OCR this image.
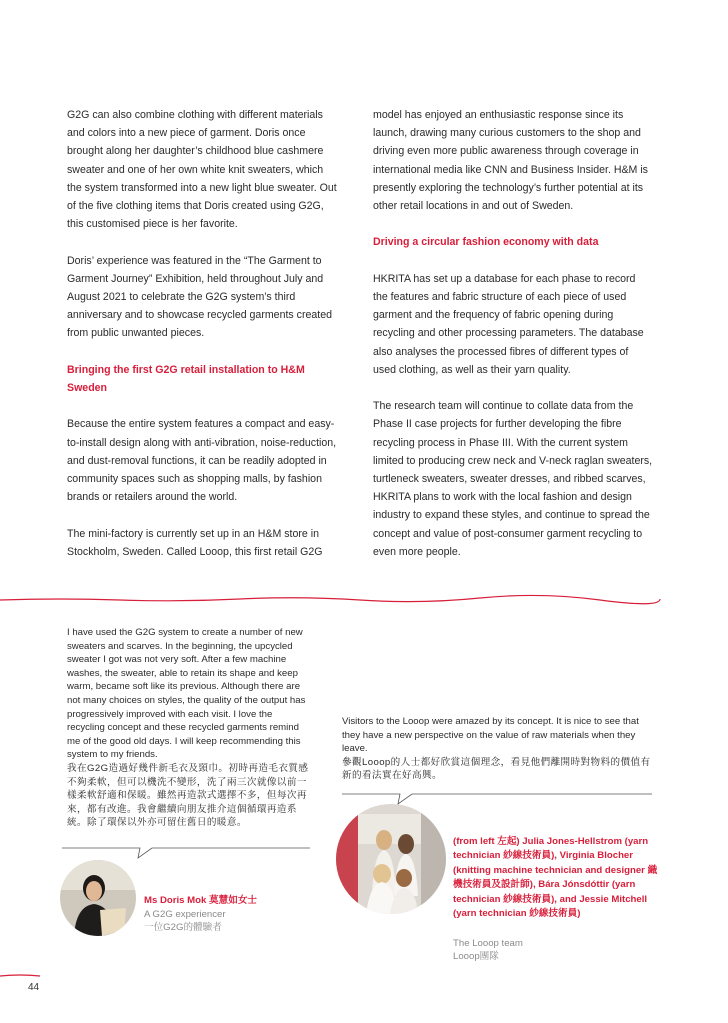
G2G can also combine clothing with different materials and colors into a new piece of garment. Doris once brought along her daughter’s childhood blue cashmere sweater and one of her own white knit sweaters, which the system transformed into a new light blue sweater. Out of the five clothing items that Doris created using G2G, this customised piece is her favorite.

Doris’ experience was featured in the “The Garment to Garment Journey” Exhibition, held throughout July and August 2021 to celebrate the G2G system’s third anniversary and to showcase recycled garments created from public unwanted pieces.

Bringing the first G2G retail installation to H&M Sweden

Because the entire system features a compact and easy-to-install design along with anti-vibration, noise-reduction, and dust-removal functions, it can be readily adopted in community spaces such as shopping malls, by fashion brands or retailers around the world.

The mini-factory is currently set up in an H&M store in Stockholm, Sweden. Called Looop, this first retail G2G

model has enjoyed an enthusiastic response since its launch, drawing many curious customers to the shop and driving even more public awareness through coverage in international media like CNN and Business Insider. H&M is presently exploring the technology’s further potential at its other retail locations in and out of Sweden.

Driving a circular fashion economy with data

HKRITA has set up a database for each phase to record the features and fabric structure of each piece of used garment and the frequency of fabric opening during recycling and other processing parameters. The database also analyses the processed fibres of different types of used clothing, as well as their yarn quality.

The research team will continue to collate data from the Phase II case projects for further developing the fibre recycling process in Phase III. With the current system limited to producing crew neck and V-neck raglan sweaters, turtleneck sweaters, sweater dresses, and ribbed scarves, HKRITA plans to work with the local fashion and design industry to expand these styles, and continue to spread the concept and value of post-consumer garment recycling to even more people.

I have used the G2G system to create a number of new sweaters and scarves. In the beginning, the upcycled sweater I got was not very soft. After a few machine washes, the sweater, able to retain its shape and keep warm, became soft like its previous. Although there are not many choices on styles, the quality of the output has progressively improved with each visit. I love the recycling concept and these recycled garments remind me of the good old days. I will keep recommending this system to my friends.

我在G2G造過好幾件新毛衣及頸巾。初時再造毛衣質感不夠柔軟，但可以機洗不變形，洗了兩三次就像以前一樣柔軟舒適和保暖。雖然再造款式選擇不多，但每次再來，都有改進。我會繼續向朋友推介這個循環再造系統。除了環保以外亦可留住舊日的暖意。

Ms Doris Mok 莫慧如女士
A G2G experiencer
一位G2G的體驗者

Visitors to the Looop were amazed by its concept. It is nice to see that they have a new perspective on the value of raw materials when they leave.

參觀Looop的人士都好欣賞這個理念，看見他們離開時對物料的價值有新的看法實在好高興。

(from left 左起) Julia Jones-Hellstrom (yarn technician 紗線技術員), Virginia Blocher (knitting machine technician and designer 織機技術員及設計師), Bára Jónsdóttir (yarn technician 紗線技術員), and Jessie Mitchell (yarn technician 紗線技術員)
The Looop team
Looop團隊
44
